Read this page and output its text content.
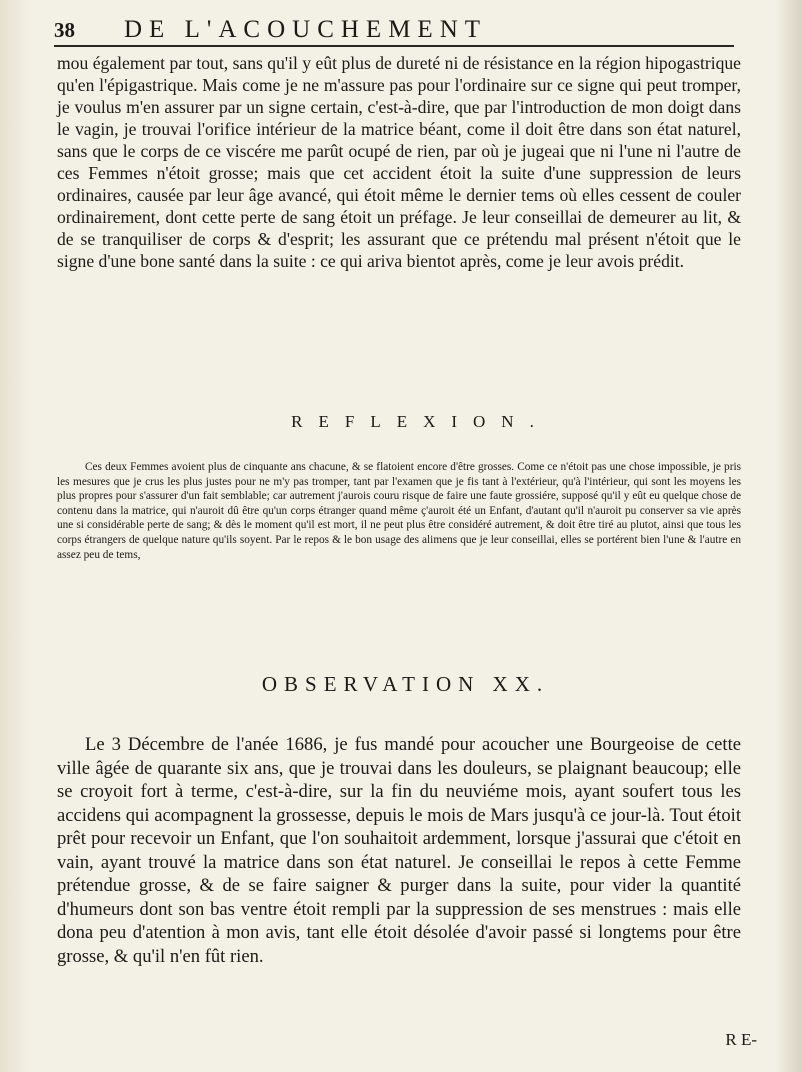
38 DE L'ACOUCHEMENT

mou également par tout, sans qu'il y eût plus de dureté ni de résistance en la région hipogastrique qu'en l'épigastrique. Mais come je ne m'assure pas pour l'ordinaire sur ce signe qui peut tromper, je voulus m'en assurer par un signe certain, c'est-à-dire, que par l'introduction de mon doigt dans le vagin, je trouvai l'orifice intérieur de la matrice béant, come il doit être dans son état naturel, sans que le corps de ce viscére me parût ocupé de rien, par où je jugeai que ni l'une ni l'autre de ces Femmes n'étoit grosse; mais que cet accident étoit la suite d'une suppression de leurs ordinaires, causée par leur âge avancé, qui étoit même le dernier tems où elles cessent de couler ordinairement, dont cette perte de sang étoit un préfage. Je leur conseillai de demeurer au lit, & de se tranquiliser de corps & d'esprit; les assurant que ce prétendu mal présent n'étoit que le signe d'une bone santé dans la suite : ce qui ariva bientot après, come je leur avois prédit.

REFLEXION.

Ces deux Femmes avoient plus de cinquante ans chacune, & se flatoient encore d'être grosses. Come ce n'étoit pas une chose impossible, je pris les mesures que je crus les plus justes pour ne m'y pas tromper, tant par l'examen que je fis tant à l'extérieur, qu'à l'intérieur, qui sont les moyens les plus propres pour s'assurer d'un fait semblable; car autrement j'aurois couru risque de faire une faute grossiére, supposé qu'il y eût eu quelque chose de contenu dans la matrice, qui n'auroit dû être qu'un corps étranger quand même ç'auroit été un Enfant, d'autant qu'il n'auroit pu conserver sa vie après une si considérable perte de sang; & dès le moment qu'il est mort, il ne peut plus être considéré autrement, & doit être tiré au plutot, ainsi que tous les corps étrangers de quelque nature qu'ils soyent. Par le repos & le bon usage des alimens que je leur conseillai, elles se portérent bien l'une & l'autre en assez peu de tems,

OBSERVATION XX.

Le 3 Décembre de l'anée 1686, je fus mandé pour acoucher une Bourgeoise de cette ville âgée de quarante six ans, que je trouvai dans les douleurs, se plaignant beaucoup; elle se croyoit fort à terme, c'est-à-dire, sur la fin du neuviéme mois, ayant soufert tous les accidens qui acompagnent la grossesse, depuis le mois de Mars jusqu'à ce jour-là. Tout étoit prêt pour recevoir un Enfant, que l'on souhaitoit ardemment, lorsque j'assurai que c'étoit en vain, ayant trouvé la matrice dans son état naturel. Je conseillai le repos à cette Femme prétendue grosse, & de se faire saigner & purger dans la suite, pour vider la quantité d'humeurs dont son bas ventre étoit rempli par la suppression de ses menstrues : mais elle dona peu d'atention à mon avis, tant elle étoit désolée d'avoir passé si longtems pour être grosse, & qu'il n'en fût rien.

R E-
